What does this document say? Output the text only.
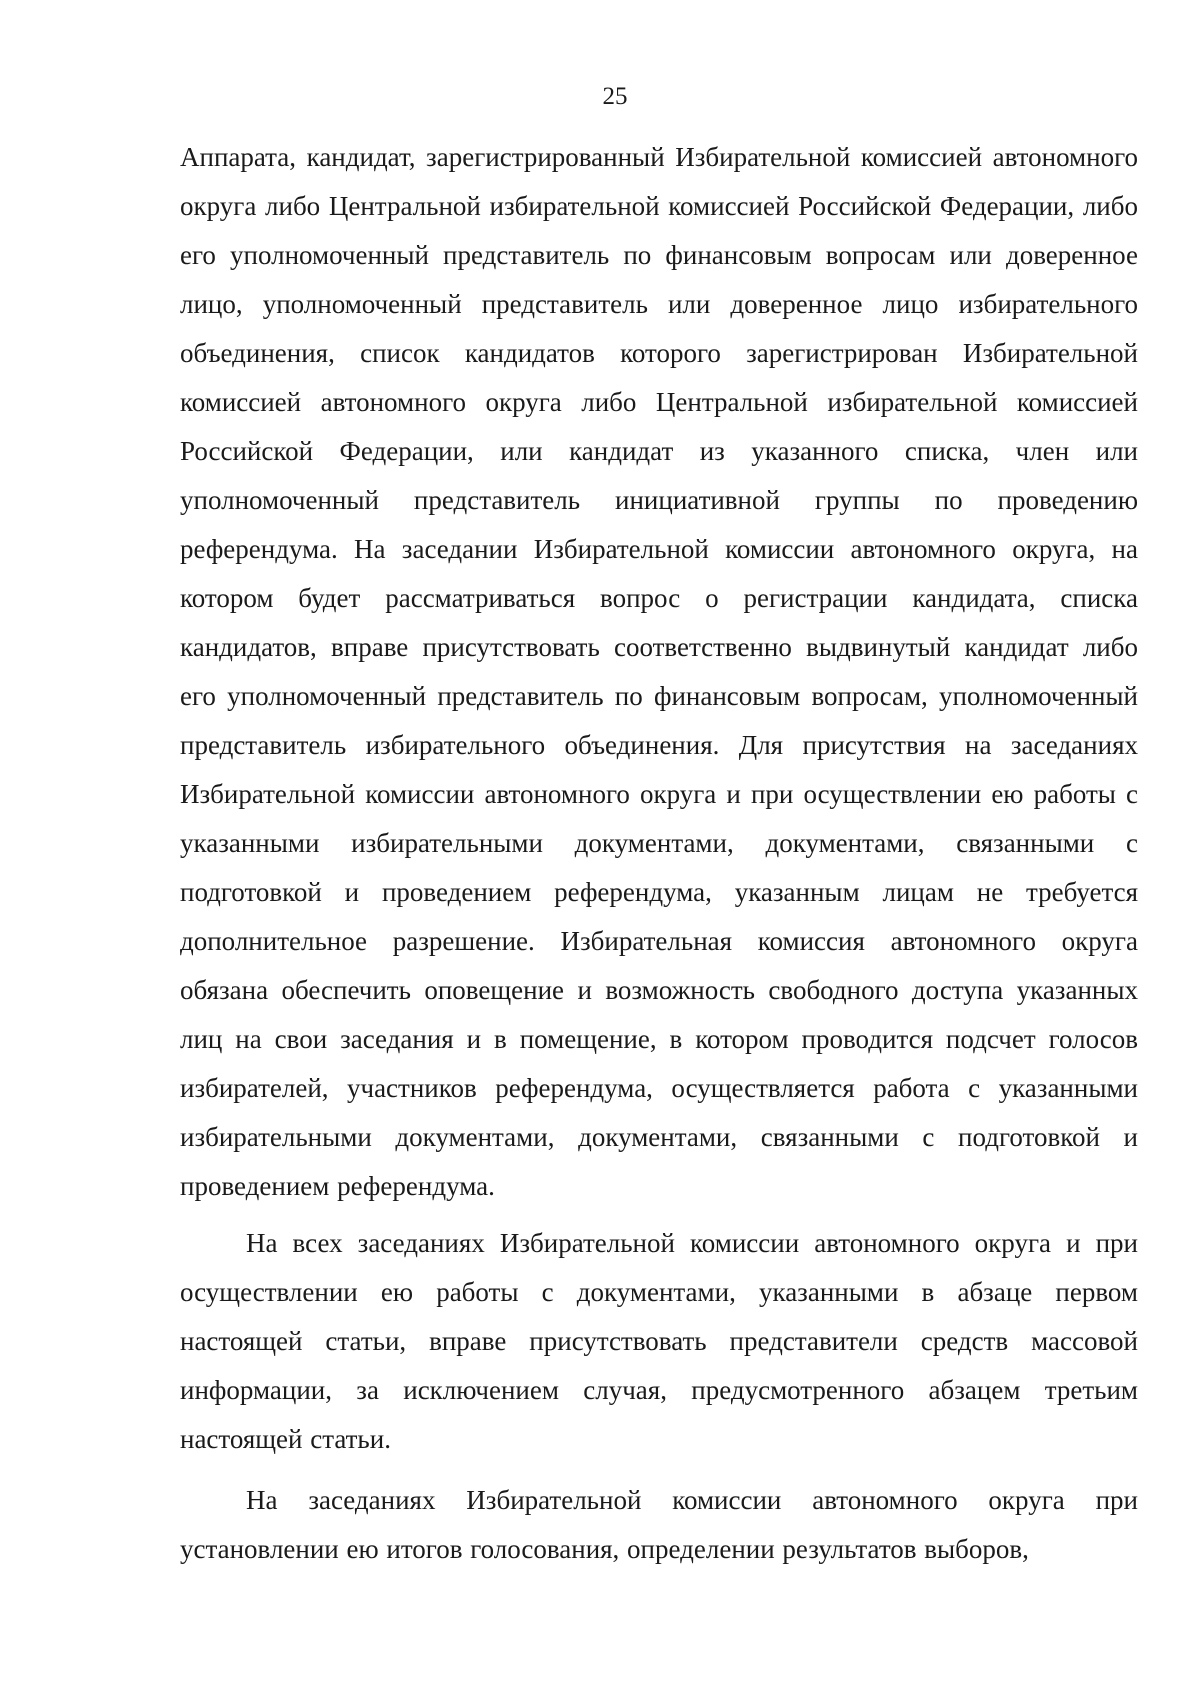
25

Аппарата, кандидат, зарегистрированный Избирательной комиссией автономного округа либо Центральной избирательной комиссией Российской Федерации, либо его уполномоченный представитель по финансовым вопросам или доверенное лицо, уполномоченный представитель или доверенное лицо избирательного объединения, список кандидатов которого зарегистрирован Избирательной комиссией автономного округа либо Центральной избирательной комиссией Российской Федерации, или кандидат из указанного списка, член или уполномоченный представитель инициативной группы по проведению референдума. На заседании Избирательной комиссии автономного округа, на котором будет рассматриваться вопрос о регистрации кандидата, списка кандидатов, вправе присутствовать соответственно выдвинутый кандидат либо его уполномоченный представитель по финансовым вопросам, уполномоченный представитель избирательного объединения. Для присутствия на заседаниях Избирательной комиссии автономного округа и при осуществлении ею работы с указанными избирательными документами, документами, связанными с подготовкой и проведением референдума, указанным лицам не требуется дополнительное разрешение. Избирательная комиссия автономного округа обязана обеспечить оповещение и возможность свободного доступа указанных лиц на свои заседания и в помещение, в котором проводится подсчет голосов избирателей, участников референдума, осуществляется работа с указанными избирательными документами, документами, связанными с подготовкой и проведением референдума.

На всех заседаниях Избирательной комиссии автономного округа и при осуществлении ею работы с документами, указанными в абзаце первом настоящей статьи, вправе присутствовать представители средств массовой информации, за исключением случая, предусмотренного абзацем третьим настоящей статьи.

На заседаниях Избирательной комиссии автономного округа при установлении ею итогов голосования, определении результатов выборов,
